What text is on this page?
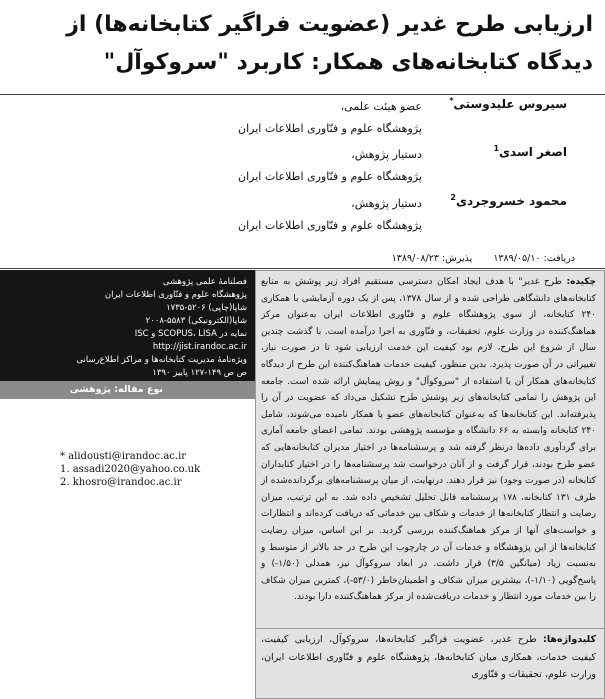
ارزیابی طرح غدیر (عضویت فراگیر کتابخانه‌ها) از دیدگاه کتابخانه‌های همکار: کاربرد "سروکوآل"
سیروس علیدوستی*
عضو هیئت علمی،
پژوهشگاه علوم و فنّاوری اطلاعات ایران
اصغر اسدی$^1$
دستیار پژوهش،
پژوهشگاه علوم و فنّاوری اطلاعات ایران
محمود خسروجردی$^2$
دستیار پژوهش،
پژوهشگاه علوم و فنّاوری اطلاعات ایران
دریافت: ۱۳۸۹/۰۵/۱۰ پذیرش: ۱۳۸۹/۰۸/۲۳
فصلنامۀ علمی پژوهشی
پژوهشگاه علوم و فنّاوری اطلاعات ایران
شاپا(چاپی) ۵۲۰۶-۱۷۳۵
شاپا(الکترونیکی) ۵۵۸۳-۲۰۰۸
نمایه در SCOPUS، LISA و ISC
http://jist.irandoc.ac.ir
ویژه‌نامۀ مدیریت کتابخانه‌ها و مراکز اطلاع‌رسانی
ص ص ۱۴۹-۱۲۷ پاییز ۱۳۹۰
نوع مقاله: پژوهشی
* alidousti@irandoc.ac.ir
1. assadi2020@yahoo.co.uk
2. khosro@irandoc.ac.ir
چکیده: طرح غدیر" با هدف ایجاد امکان دسترسی مستقیم افراد زیر پوشش به منابع کتابخانه‌های دانشگاهی طراحی شده و از سال ۱۳۷۸، پس از یک دوره آزمایشی با همکاری ۲۴۰ کتابخانه، از سوی پژوهشگاه علوم و فنّاوری اطلاعات ایران به‌عنوان مرکز هماهنگ‌کننده در وزارت علوم، تحقیقات، و فنّاوری به اجرا درآمده است. با گذشت چندین سال از شروع این طرح، لازم بود کیفیت این خدمت ارزیابی شود تا در صورت نیاز، تغییراتی در آن صورت پذیرد. بدین منظور، کیفیت خدمات هماهنگ‌کننده این طرح از دیدگاه کتابخانه‌های همکار آن با استفاده از "سروکوآل" و روش پیمایش ارائه شده است. جامعه این پژوهش را تمامی کتابخانه‌های زیر پوشش طرح تشکیل می‌داد که عضویت در آن را پذیرفته‌اند. این کتابخانه‌ها که به‌عنوان کتابخانه‌های عضو یا همکار نامیده می‌شوند، شامل ۲۴۰ کتابخانه وابسته به ۶۶ دانشگاه و مؤسسه پژوهشی بودند. تمامی اعضای جامعه آماری برای گردآوری داده‌ها درنظر گرفته شد و پرسشنامه‌ها در اختیار مدیران کتابخانه‌هایی که عضو طرح بودند، قرار گرفت و از آنان درخواست شد پرسشنامه‌ها را در اختیار کتابداران کتابخانه (در صورت وجود) نیز قرار دهند. درنهایت، از میان پرسشنامه‌های برگردانده‌شده از طرف ۱۳۱ کتابخانه، ۱۷۸ پرسشنامه قابل تحلیل تشخیص داده شد. به این ترتیب، میزان رضایت و انتظار کتابخانه‌ها از خدمات و شکاف بین خدماتی که دریافت کرده‌اند و انتظارات و خواست‌های آنها از مرکز هماهنگ‌کننده بررسی گردید. بر این اساس، میزان رضایت کتابخانه‌ها از این پژوهشگاه و خدمات آن در چارچوب این طرح در حد بالاتر از متوسط و به‌نسبت زیاد (میانگین ۳/۵) قرار داشت. در ابعاد سروکوآل نیز، همدلی (۱/۵۰-) و پاسخ‌گویی (۱/۱۰-)، بیشترین میزان شکاف و اطمینان‌خاطر (۵۳/۰-)، کمترین میزان شکاف را بین خدمات مورد انتظار و خدمات دریافت‌شده از مرکز هماهنگ‌کننده دارا بودند.
کلیدواژه‌ها: طرح غدیر، عضویت فراگیر کتابخانه‌ها، سروکوآل، ارزیابی کیفیت، کیفیت خدمات، همکاری میان کتابخانه‌ها، پژوهشگاه علوم و فنّاوری اطلاعات ایران، وزارت علوم، تحقیقات و فنّاوری
